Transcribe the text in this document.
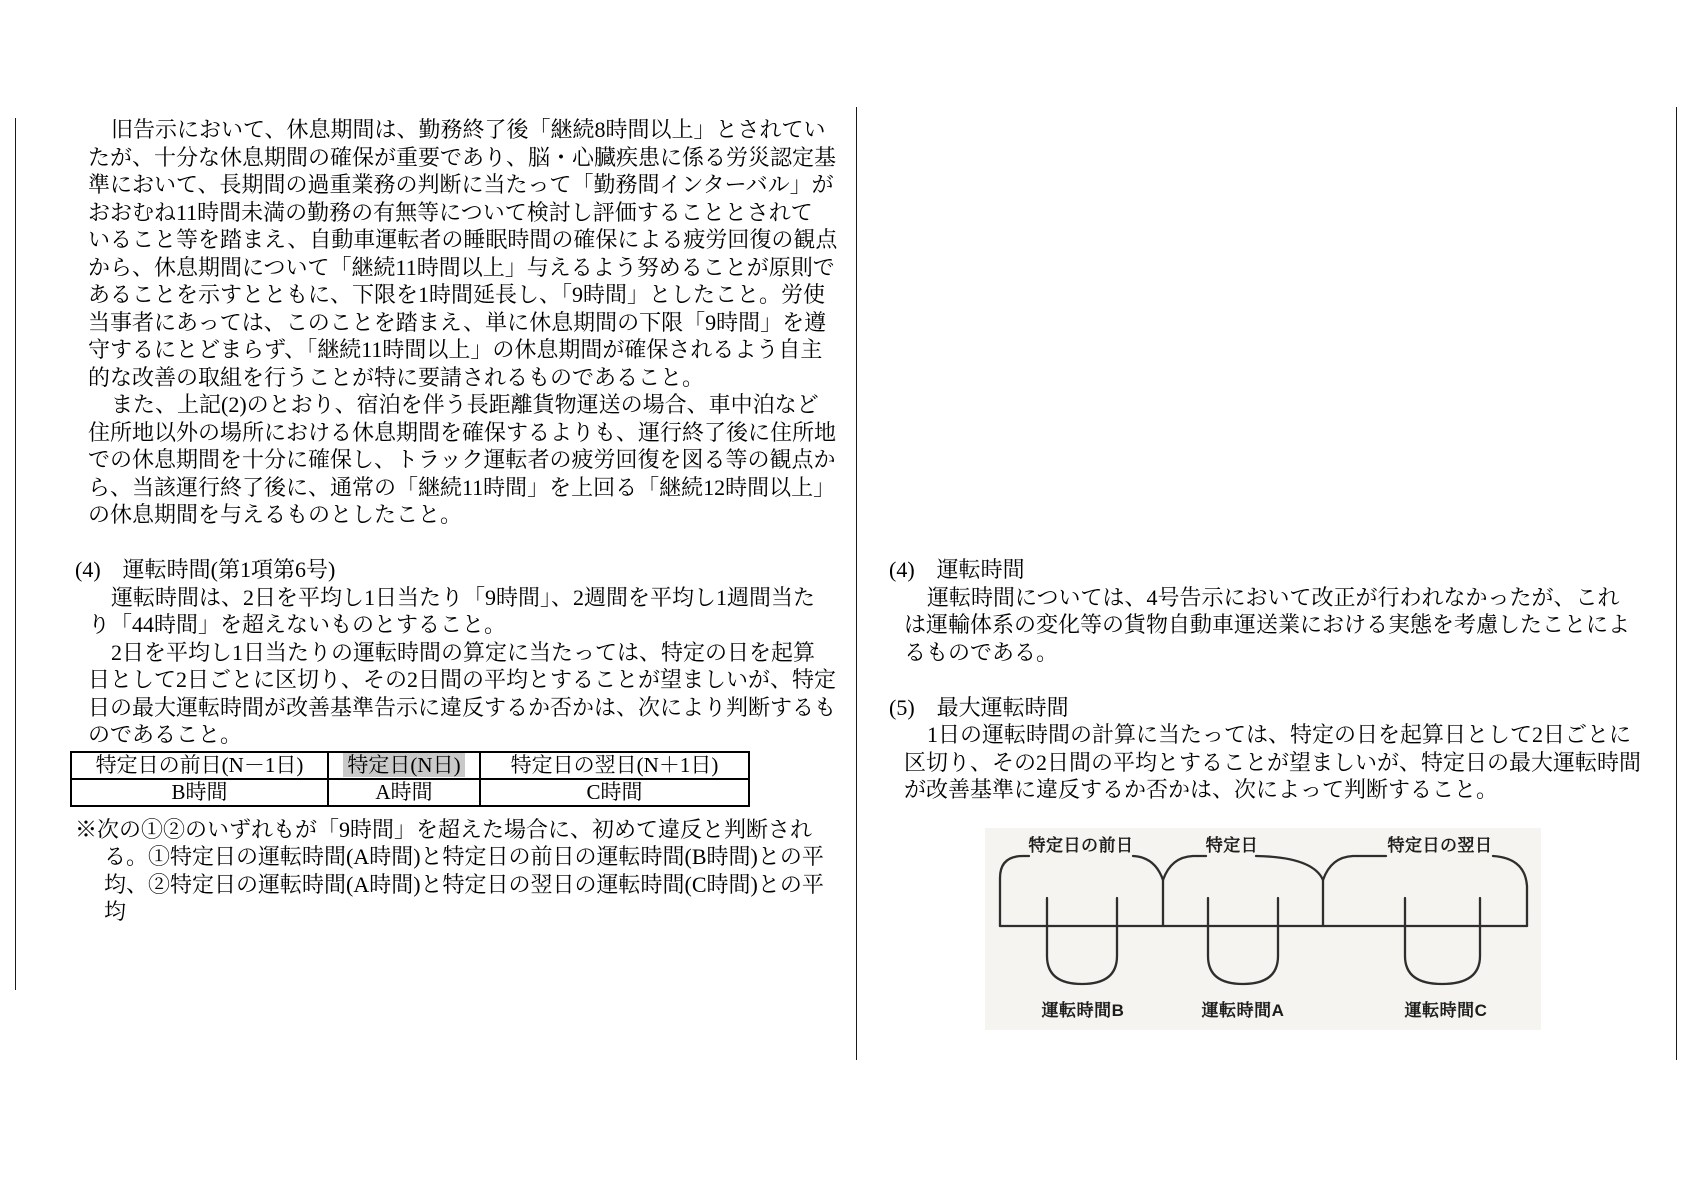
旧告示において、休息期間は、勤務終了後「継続8時間以上」とされてい
たが、十分な休息期間の確保が重要であり、脳・心臓疾患に係る労災認定基
準において、長期間の過重業務の判断に当たって「勤務間インターバル」が
おおむね11時間未満の勤務の有無等について検討し評価することとされて
いること等を踏まえ、自動車運転者の睡眠時間の確保による疲労回復の観点
から、休息期間について「継続11時間以上」与えるよう努めることが原則で
あることを示すとともに、下限を1時間延長し、「9時間」としたこと。労使
当事者にあっては、このことを踏まえ、単に休息期間の下限「9時間」を遵
守するにとどまらず、「継続11時間以上」の休息期間が確保されるよう自主
的な改善の取組を行うことが特に要請されるものであること。
また、上記(2)のとおり、宿泊を伴う長距離貨物運送の場合、車中泊など
住所地以外の場所における休息期間を確保するよりも、運行終了後に住所地
での休息期間を十分に確保し、トラック運転者の疲労回復を図る等の観点か
ら、当該運行終了後に、通常の「継続11時間」を上回る「継続12時間以上」
の休息期間を与えるものとしたこと。
(4)　運転時間(第1項第6号)
運転時間は、2日を平均し1日当たり「9時間」、2週間を平均し1週間当た
り「44時間」を超えないものとすること。
2日を平均し1日当たりの運転時間の算定に当たっては、特定の日を起算
日として2日ごとに区切り、その2日間の平均とすることが望ましいが、特定
日の最大運転時間が改善基準告示に違反するか否かは、次により判断するも
のであること。
特定日の前日(N－1日)	特定日(N日)	特定日の翌日(N＋1日)
B時間	A時間	C時間
※次の①②のいずれもが「9時間」を超えた場合に、初めて違反と判断され
る。①特定日の運転時間(A時間)と特定日の前日の運転時間(B時間)との平
均、②特定日の運転時間(A時間)と特定日の翌日の運転時間(C時間)との平
均
(4)　運転時間
運転時間については、4号告示において改正が行われなかったが、これ
は運輸体系の変化等の貨物自動車運送業における実態を考慮したことによ
るものである。
(5)　最大運転時間
1日の運転時間の計算に当たっては、特定の日を起算日として2日ごとに
区切り、その2日間の平均とすることが望ましいが、特定日の最大運転時間
が改善基準に違反するか否かは、次によって判断すること。
特定日の前日	特定日	特定日の翌日
運転時間B	運転時間A	運転時間C
